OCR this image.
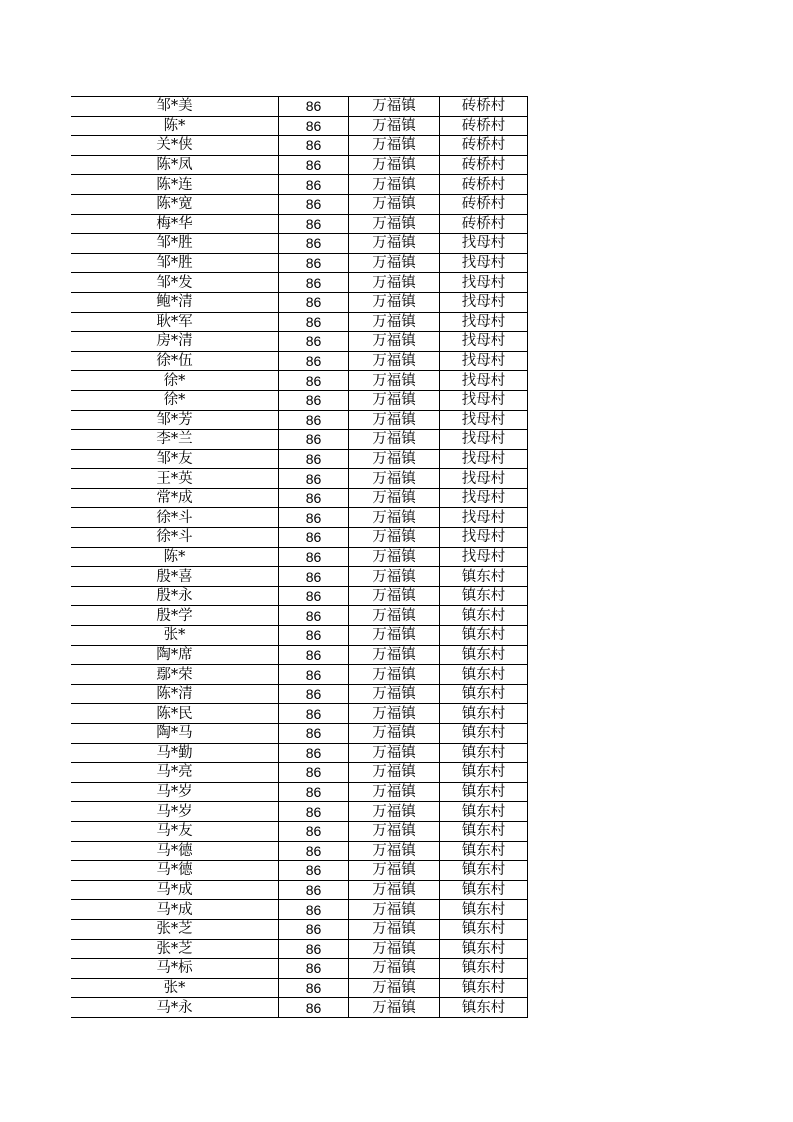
邹*美	86	万福镇	砖桥村
陈*	86	万福镇	砖桥村
关*侠	86	万福镇	砖桥村
陈*凤	86	万福镇	砖桥村
陈*连	86	万福镇	砖桥村
陈*宽	86	万福镇	砖桥村
梅*华	86	万福镇	砖桥村
邹*胜	86	万福镇	找母村
邹*胜	86	万福镇	找母村
邹*发	86	万福镇	找母村
鲍*清	86	万福镇	找母村
耿*军	86	万福镇	找母村
房*清	86	万福镇	找母村
徐*伍	86	万福镇	找母村
徐*	86	万福镇	找母村
徐*	86	万福镇	找母村
邹*芳	86	万福镇	找母村
李*兰	86	万福镇	找母村
邹*友	86	万福镇	找母村
王*英	86	万福镇	找母村
常*成	86	万福镇	找母村
徐*斗	86	万福镇	找母村
徐*斗	86	万福镇	找母村
陈*	86	万福镇	找母村
殷*喜	86	万福镇	镇东村
殷*永	86	万福镇	镇东村
殷*学	86	万福镇	镇东村
张*	86	万福镇	镇东村
陶*席	86	万福镇	镇东村
鄢*荣	86	万福镇	镇东村
陈*清	86	万福镇	镇东村
陈*民	86	万福镇	镇东村
陶*马	86	万福镇	镇东村
马*勤	86	万福镇	镇东村
马*亮	86	万福镇	镇东村
马*岁	86	万福镇	镇东村
马*岁	86	万福镇	镇东村
马*友	86	万福镇	镇东村
马*德	86	万福镇	镇东村
马*德	86	万福镇	镇东村
马*成	86	万福镇	镇东村
马*成	86	万福镇	镇东村
张*芝	86	万福镇	镇东村
张*芝	86	万福镇	镇东村
马*标	86	万福镇	镇东村
张*	86	万福镇	镇东村
马*永	86	万福镇	镇东村
